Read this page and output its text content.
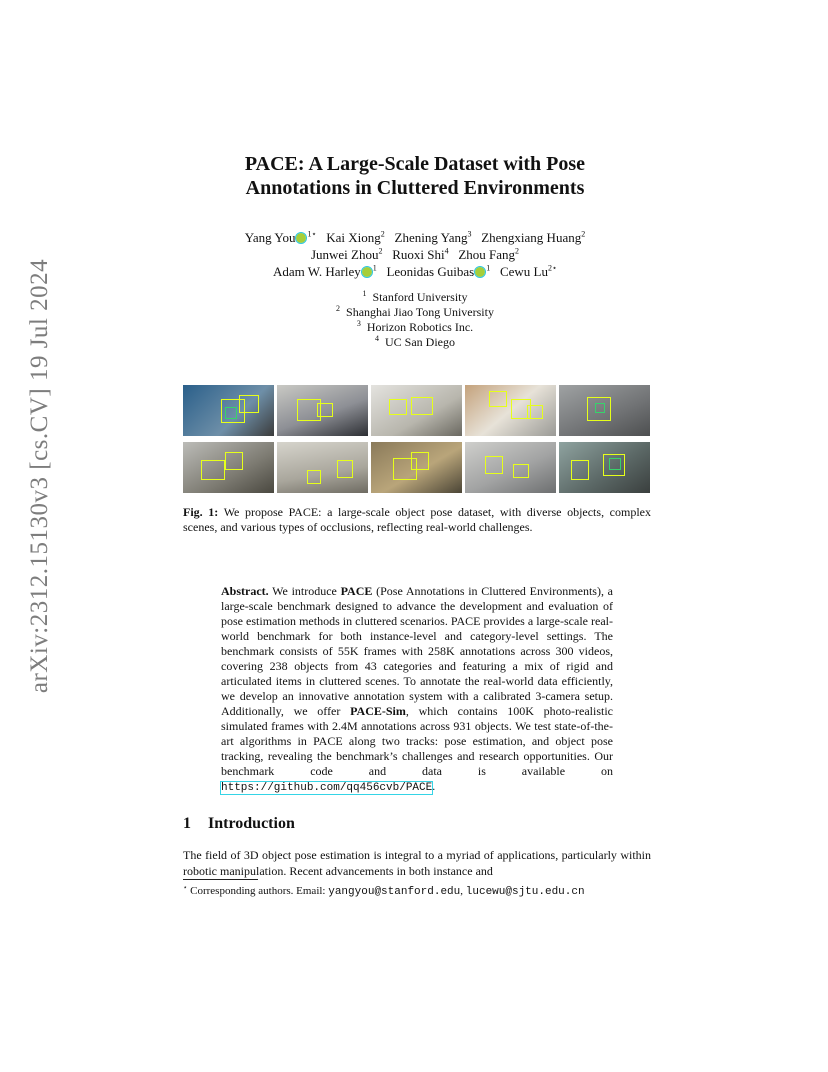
arXiv:2312.15130v3 [cs.CV] 19 Jul 2024
PACE: A Large-Scale Dataset with Pose
Annotations in Cluttered Environments
Yang You $^{1⋆}$ Kai Xiong$^2$ Zhening Yang$^3$ Zhengxiang Huang$^2$
Junwei Zhou$^2$ Ruoxi Shi$^4$ Zhou Fang$^2$
Adam W. Harley $^1$ Leonidas Guibas $^1$ Cewu $Lu^{2⋆}$
$^1$ Stanford University
$^2$ Shanghai Jiao Tong University
$^3$ Horizon Robotics Inc.
$^4$ UC San Diego
Fig. 1: We propose PACE: a large-scale object pose dataset, with diverse objects, complex scenes, and various types of occlusions, reflecting real-world challenges.
Abstract. We introduce PACE (Pose Annotations in Cluttered Environments), a large-scale benchmark designed to advance the development and evaluation of pose estimation methods in cluttered scenarios. PACE provides a large-scale real-world benchmark for both instance-level and category-level settings. The benchmark consists of 55K frames with 258K annotations across 300 videos, covering 238 objects from 43 categories and featuring a mix of rigid and articulated items in cluttered scenes. To annotate the real-world data efficiently, we develop an innovative annotation system with a calibrated 3-camera setup. Additionally, we offer PACE-Sim, which contains 100K photo-realistic simulated frames with 2.4M annotations across 931 objects. We test state-of-the-art algorithms in PACE along two tracks: pose estimation, and object pose tracking, revealing the benchmark’s challenges and research opportunities. Our benchmark code and data is available on https://github.com/qq456cvb/PACE.
1 Introduction
The field of 3D object pose estimation is integral to a myriad of applications, particularly within robotic manipulation. Recent advancements in both instance and
⋆ Corresponding authors. Email: yangyou@stanford.edu, lucewu@sjtu.edu.cn
